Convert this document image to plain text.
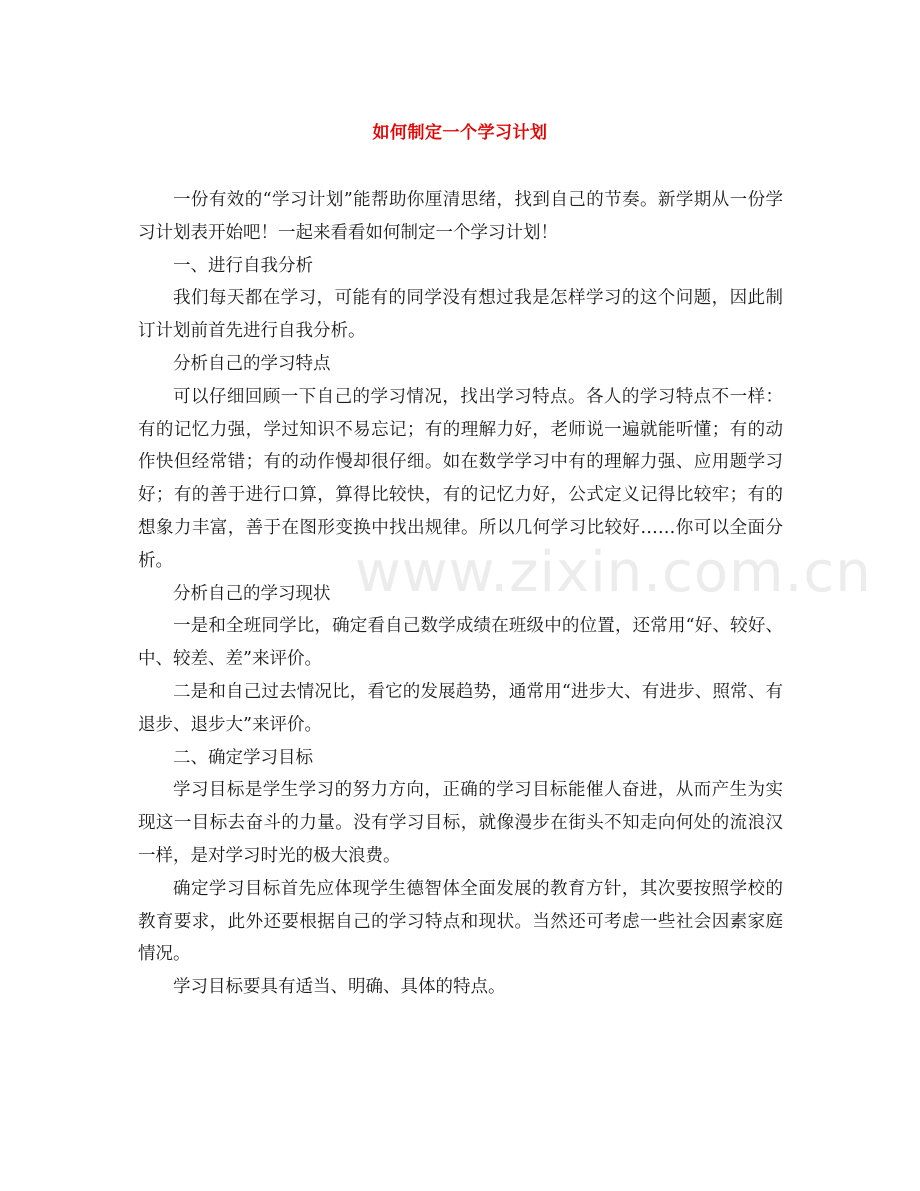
如何制定一个学习计划

一份有效的“学习计划”能帮助你厘清思绪，找到自己的节奏。新学期从一份学习计划表开始吧！一起来看看如何制定一个学习计划！

一、进行自我分析

我们每天都在学习，可能有的同学没有想过我是怎样学习的这个问题，因此制订计划前首先进行自我分析。

分析自己的学习特点

可以仔细回顾一下自己的学习情况，找出学习特点。各人的学习特点不一样：有的记忆力强，学过知识不易忘记；有的理解力好，老师说一遍就能听懂；有的动作快但经常错；有的动作慢却很仔细。如在数学学习中有的理解力强、应用题学习好；有的善于进行口算，算得比较快，有的记忆力好，公式定义记得比较牢；有的想象力丰富，善于在图形变换中找出规律。所以几何学习比较好……你可以全面分析。

分析自己的学习现状

一是和全班同学比，确定看自己数学成绩在班级中的位置，还常用“好、较好、中、较差、差”来评价。

二是和自己过去情况比，看它的发展趋势，通常用“进步大、有进步、照常、有退步、退步大”来评价。

二、确定学习目标

学习目标是学生学习的努力方向，正确的学习目标能催人奋进，从而产生为实现这一目标去奋斗的力量。没有学习目标，就像漫步在街头不知走向何处的流浪汉一样，是对学习时光的极大浪费。

确定学习目标首先应体现学生德智体全面发展的教育方针，其次要按照学校的教育要求，此外还要根据自己的学习特点和现状。当然还可考虑一些社会因素家庭情况。

学习目标要具有适当、明确、具体的特点。

www.zixin.com.cn
